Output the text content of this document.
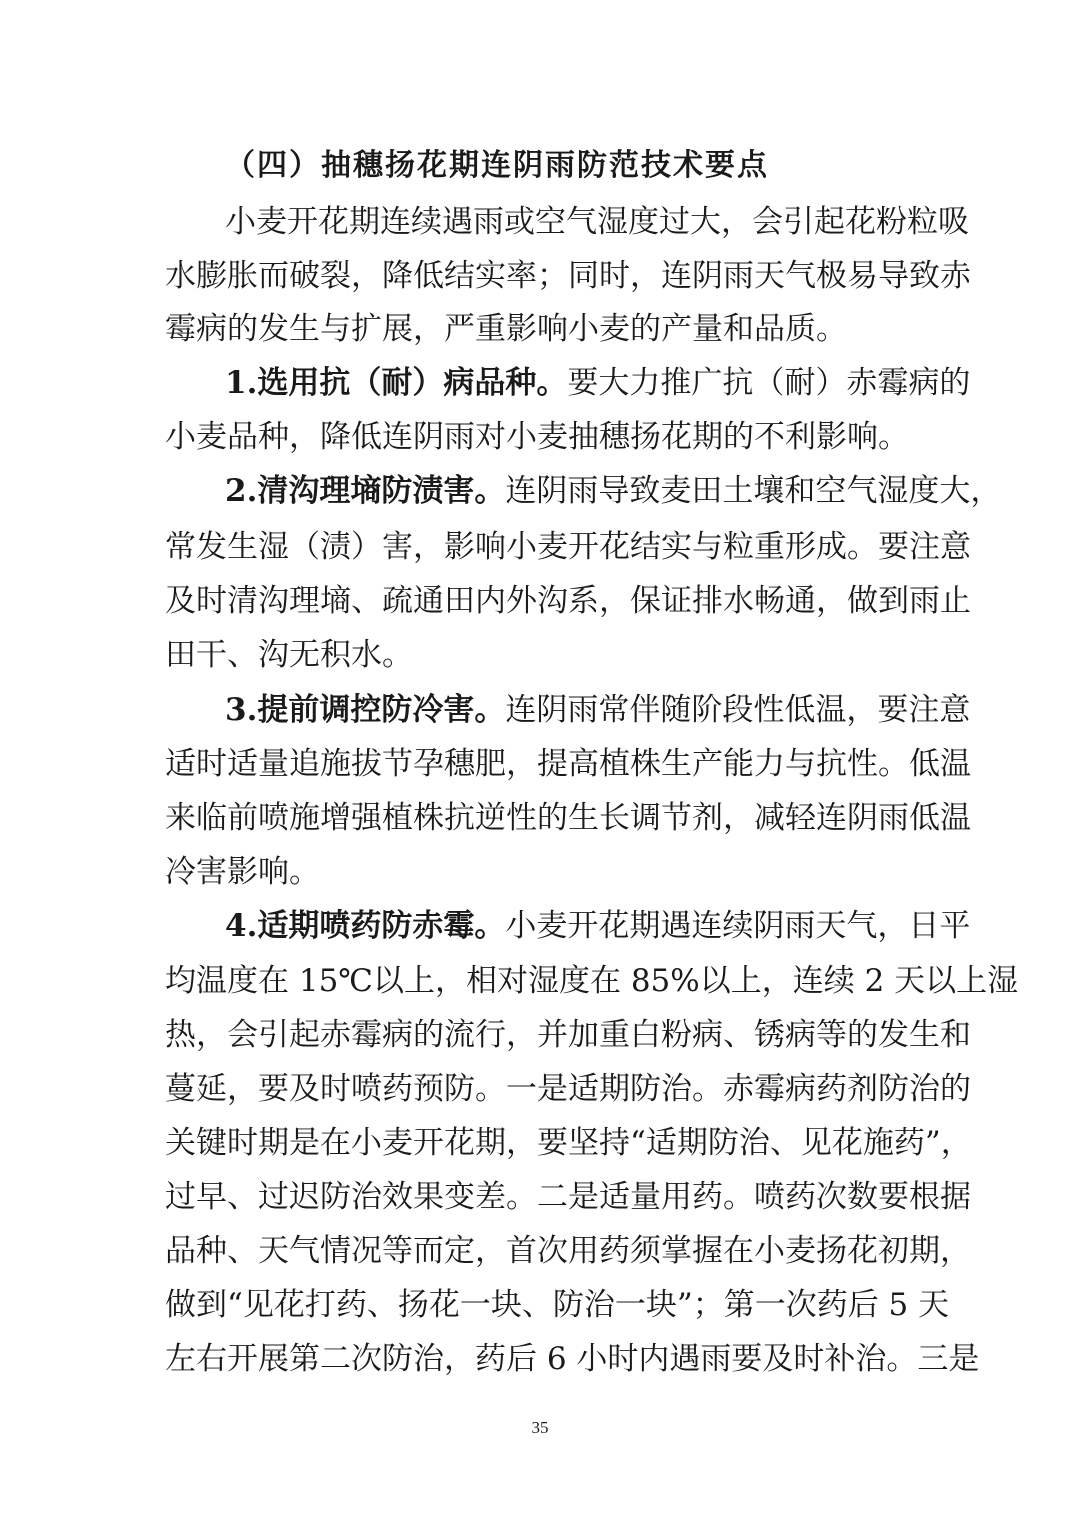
（四）抽穗扬花期连阴雨防范技术要点
小麦开花期连续遇雨或空气湿度过大，会引起花粉粒吸
水膨胀而破裂，降低结实率；同时，连阴雨天气极易导致赤
霉病的发生与扩展，严重影响小麦的产量和品质。
1.选用抗（耐）病品种。要大力推广抗（耐）赤霉病的
小麦品种，降低连阴雨对小麦抽穗扬花期的不利影响。
2.清沟理墒防渍害。连阴雨导致麦田土壤和空气湿度大，
常发生湿（渍）害，影响小麦开花结实与粒重形成。要注意
及时清沟理墒、疏通田内外沟系，保证排水畅通，做到雨止
田干、沟无积水。
3.提前调控防冷害。连阴雨常伴随阶段性低温，要注意
适时适量追施拔节孕穗肥，提高植株生产能力与抗性。低温
来临前喷施增强植株抗逆性的生长调节剂，减轻连阴雨低温
冷害影响。
4.适期喷药防赤霉。小麦开花期遇连续阴雨天气，日平
均温度在 15℃以上，相对湿度在 85%以上，连续 2 天以上湿
热，会引起赤霉病的流行，并加重白粉病、锈病等的发生和
蔓延，要及时喷药预防。一是适期防治。赤霉病药剂防治的
关键时期是在小麦开花期，要坚持“适期防治、见花施药”，
过早、过迟防治效果变差。二是适量用药。喷药次数要根据
品种、天气情况等而定，首次用药须掌握在小麦扬花初期，
做到“见花打药、扬花一块、防治一块”；第一次药后 5 天
左右开展第二次防治，药后 6 小时内遇雨要及时补治。三是
35
